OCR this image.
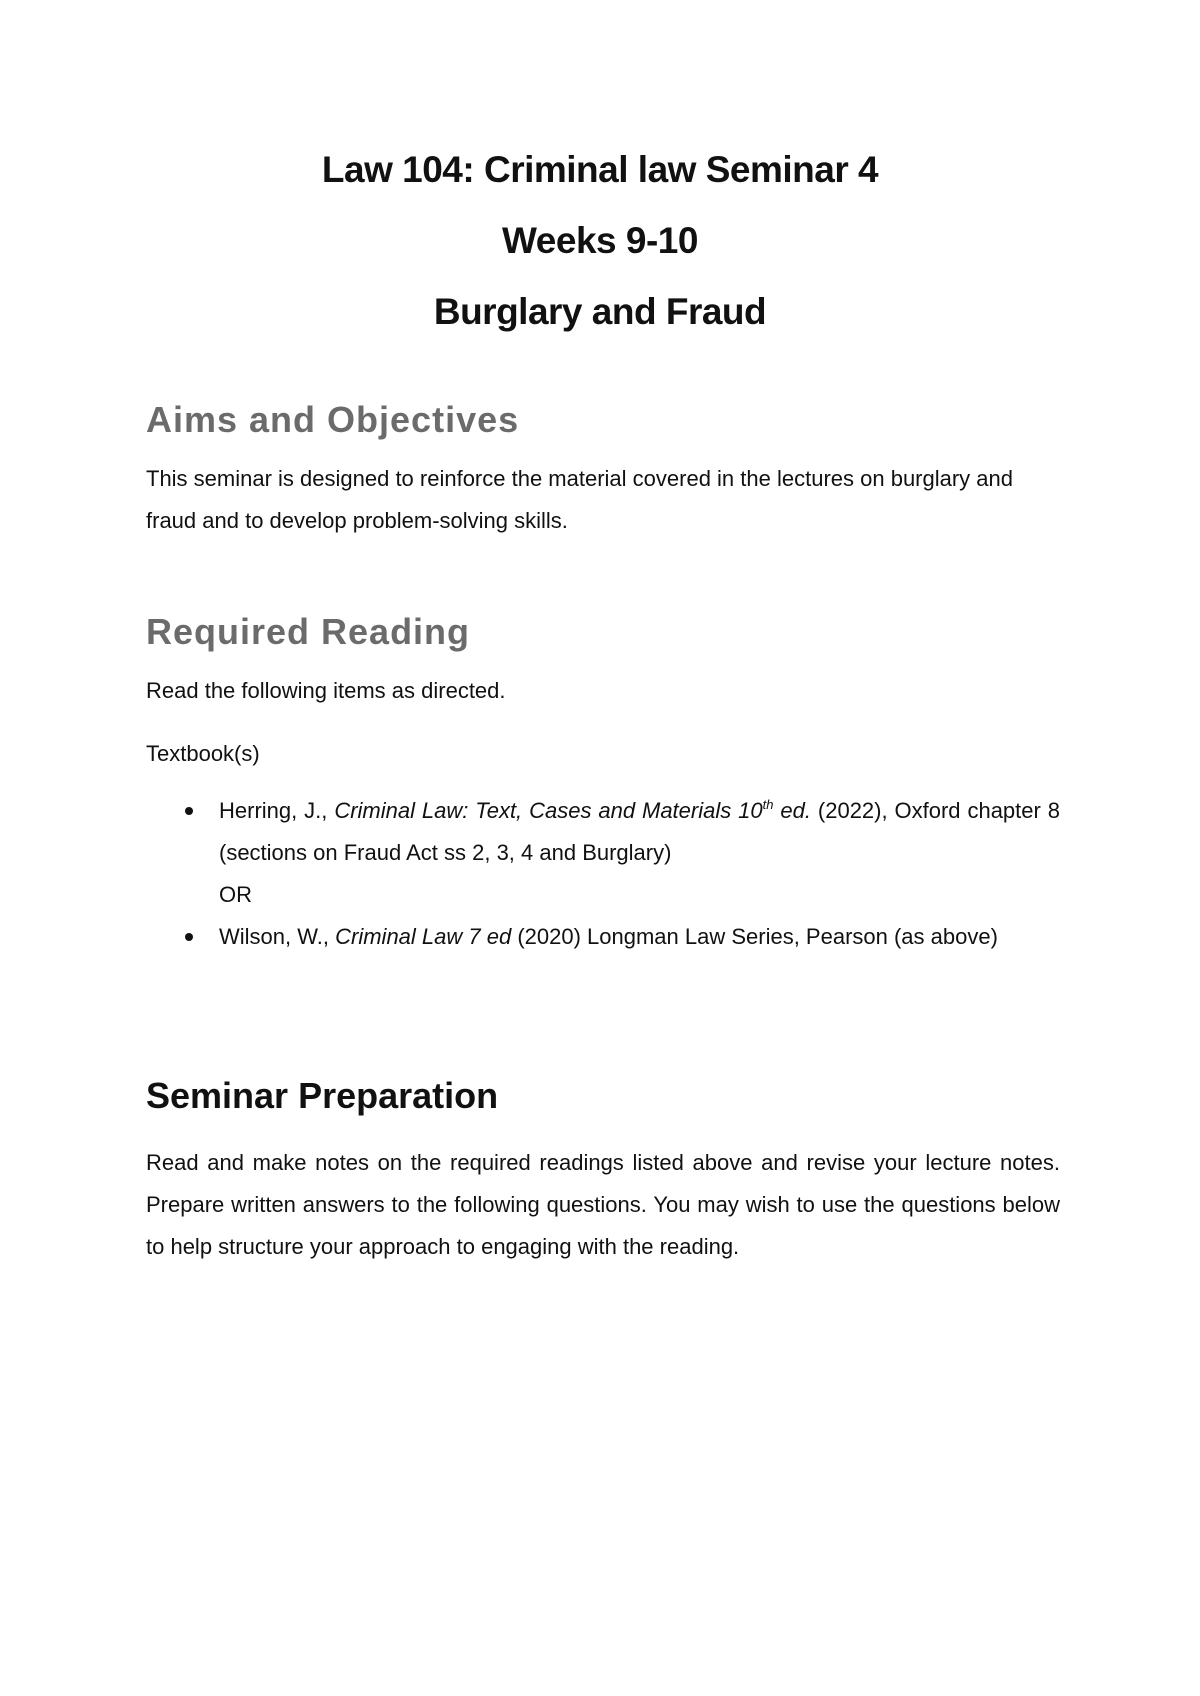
Law 104: Criminal law Seminar 4
Weeks 9-10
Burglary and Fraud
Aims and Objectives

This seminar is designed to reinforce the material covered in the lectures on burglary and fraud and to develop problem-solving skills.

Required Reading

Read the following items as directed.

Textbook(s)

Herring, J., Criminal Law: Text, Cases and Materials 10th ed. (2022), Oxford chapter 8 (sections on Fraud Act ss 2, 3, 4 and Burglary)
OR
Wilson, W., Criminal Law 7 ed (2020) Longman Law Series, Pearson (as above)
Seminar Preparation

Read and make notes on the required readings listed above and revise your lecture notes. Prepare written answers to the following questions. You may wish to use the questions below to help structure your approach to engaging with the reading.
